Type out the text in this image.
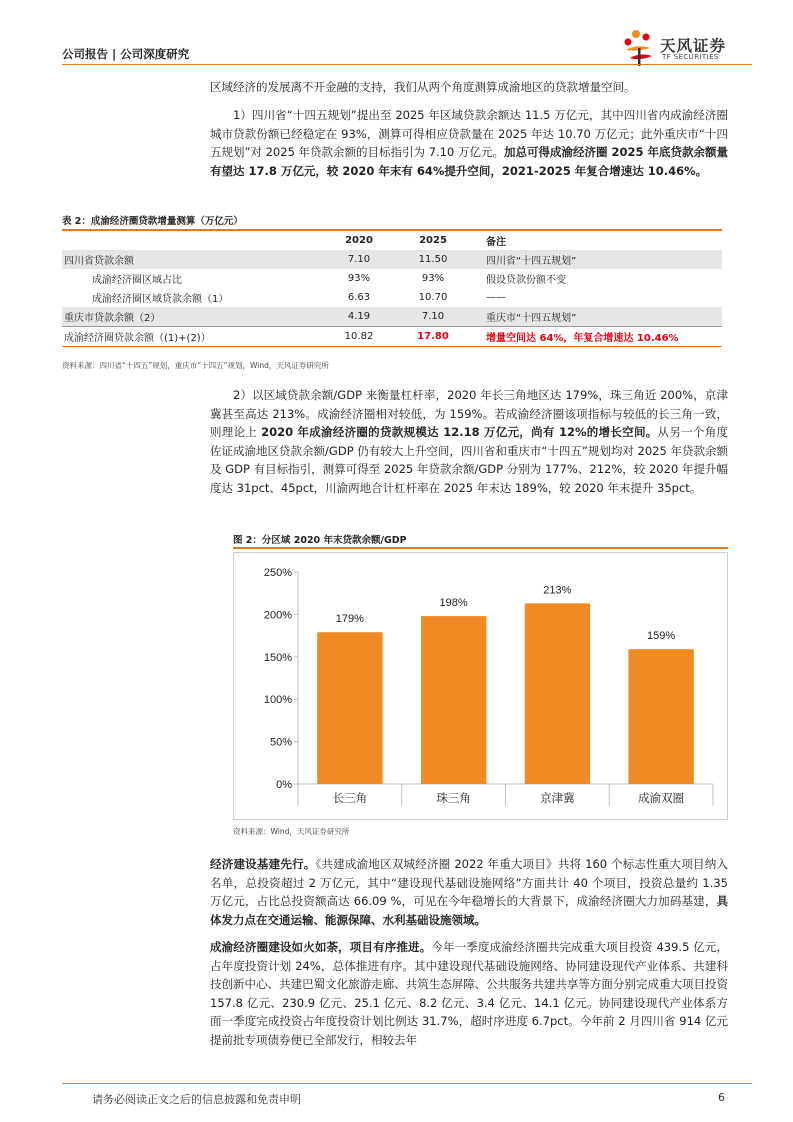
公司报告 | 公司深度研究	天风证券
TF SECURITIES

区域经济的发展离不开金融的支持，我们从两个角度测算成渝地区的贷款增量空间。

1）四川省“十四五规划”提出至 2025 年区域贷款余额达 11.5 万亿元，其中四川省内成渝经济圈城市贷款份额已经稳定在 93%，测算可得相应贷款量在 2025 年达 10.70 万亿元；此外重庆市“十四五规划”对 2025 年贷款余额的目标指引为 7.10 万亿元。加总可得成渝经济圈 2025 年底贷款余额量有望达 17.8 万亿元，较 2020 年末有 64%提升空间，2021-2025 年复合增速达 10.46%。

表 2：成渝经济圈贷款增量测算（万亿元）
	2020	2025	备注
四川省贷款余额	7.10	11.50	四川省“十四五规划”
成渝经济圈区域占比	93%	93%	假设贷款份额不变
成渝经济圈区域贷款余额（1）	6.63	10.70	——
重庆市贷款余额（2）	4.19	7.10	重庆市“十四五规划”
成渝经济圈贷款余额（(1)+(2)）	10.82	17.80	增量空间达 64%，年复合增速达 10.46%
资料来源：四川省“十四五”规划，重庆市“十四五”规划，Wind，天风证券研究所

2）以区域贷款余额/GDP 来衡量杠杆率，2020 年长三角地区达 179%，珠三角近 200%，京津冀甚至高达 213%。成渝经济圈相对较低，为 159%。若成渝经济圈该项指标与较低的长三角一致，则理论上 2020 年成渝经济圈的贷款规模达 12.18 万亿元，尚有 12%的增长空间。从另一个角度佐证成渝地区贷款余额/GDP 仍有较大上升空间，四川省和重庆市“十四五”规划均对 2025 年贷款余额及 GDP 有目标指引，测算可得至 2025 年贷款余额/GDP 分别为 177%、212%，较 2020 年提升幅度达 31pct、45pct，川渝两地合计杠杆率在 2025 年末达 189%，较 2020 年末提升 35pct。

图 2：分区域 2020 年末贷款余额/GDP
0%
50%
100%
150%
200%
250%
179%
长三角
198%
珠三角
213%
京津冀
159%
成渝双圈
资料来源：Wind，天风证券研究所

经济建设基建先行。《共建成渝地区双城经济圈 2022 年重大项目》共将 160 个标志性重大项目纳入名单，总投资超过 2 万亿元，其中“建设现代基础设施网络”方面共计 40 个项目，投资总量约 1.35 万亿元，占比总投资额高达 66.09 %，可见在今年稳增长的大背景下，成渝经济圈大力加码基建，具体发力点在交通运输、能源保障、水利基础设施领域。

成渝经济圈建设如火如荼，项目有序推进。今年一季度成渝经济圈共完成重大项目投资 439.5 亿元，占年度投资计划 24%，总体推进有序。其中建设现代基础设施网络、协同建设现代产业体系、共建科技创新中心、共建巴蜀文化旅游走廊、共筑生态屏障、公共服务共建共享等方面分别完成重大项目投资 157.8 亿元、230.9 亿元、25.1 亿元、8.2 亿元、3.4 亿元、14.1 亿元。协同建设现代产业体系方面一季度完成投资占年度投资计划比例达 31.7%，超时序进度 6.7pct。今年前 2 月四川省 914 亿元提前批专项债券便已全部发行，相较去年

请务必阅读正文之后的信息披露和免责申明	6
